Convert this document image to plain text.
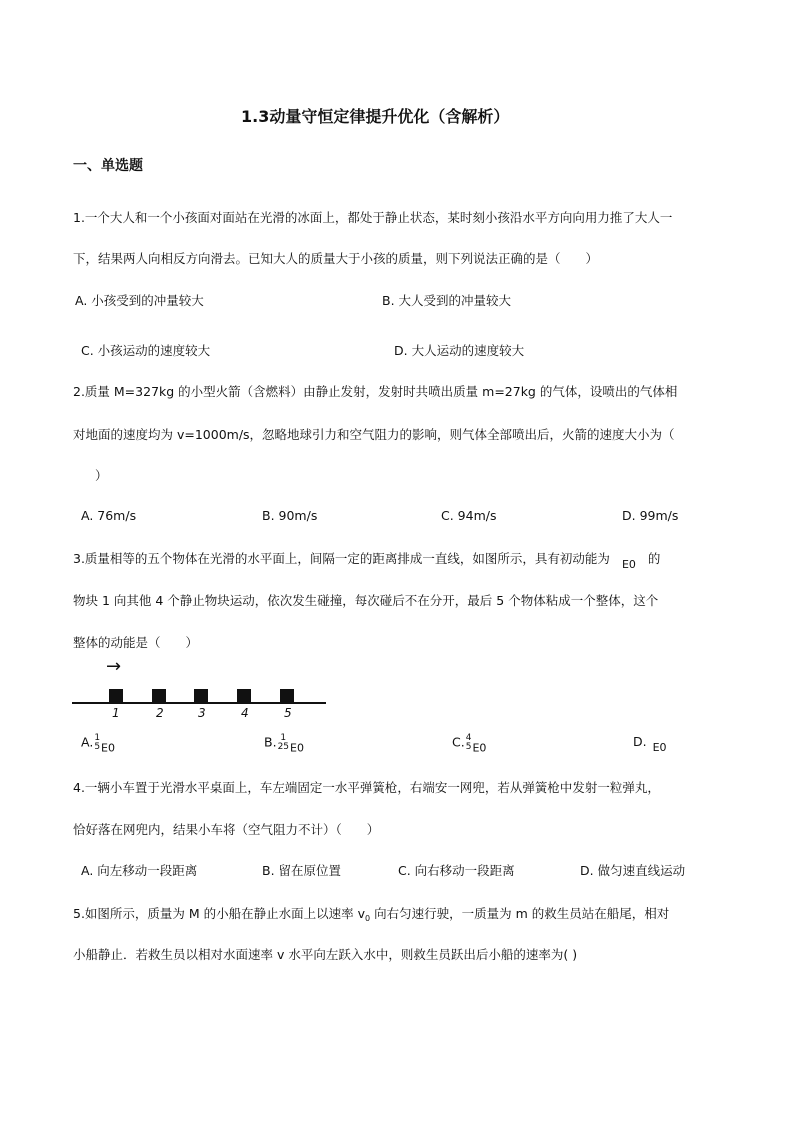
1.3动量守恒定律提升优化（含解析）
一、单选题
1.一个大人和一个小孩面对面站在光滑的冰面上，都处于静止状态，某时刻小孩沿水平方向向用力推了大人一
下，结果两人向相反方向滑去。已知大人的质量大于小孩的质量，则下列说法正确的是（　　）
A. 小孩受到的冲量较大	B. 大人受到的冲量较大
C. 小孩运动的速度较大	D. 大人运动的速度较大
2.质量 M=327kg 的小型火箭（含燃料）由静止发射，发射时共喷出质量 m=27kg 的气体，设喷出的气体相
对地面的速度均为 v=1000m/s，忽略地球引力和空气阻力的影响，则气体全部喷出后，火箭的速度大小为（
）
A. 76m/s	B. 90m/s	C. 94m/s	D. 99m/s
3.质量相等的五个物体在光滑的水平面上，间隔一定的距离排成一直线，如图所示，具有初动能为 E0 的
物块 1 向其他 4 个静止物块运动，依次发生碰撞，每次碰后不在分开，最后 5 个物体粘成一个整体，这个
整体的动能是（　　）
→
1	2	3	4	5
A. 1
5 E0	B. 1
25 E0	C. 4
5 E0	D. E0
4.一辆小车置于光滑水平桌面上，车左端固定一水平弹簧枪，右端安一网兜，若从弹簧枪中发射一粒弹丸，
恰好落在网兜内，结果小车将（空气阻力不计）（　　）
A. 向左移动一段距离	B. 留在原位置	C. 向右移动一段距离	D. 做匀速直线运动
5.如图所示，质量为 M 的小船在静止水面上以速率 $v_0$ 向右匀速行驶，一质量为 m 的救生员站在船尾，相对
小船静止．若救生员以相对水面速率 v 水平向左跃入水中，则救生员跃出后小船的速率为( )
